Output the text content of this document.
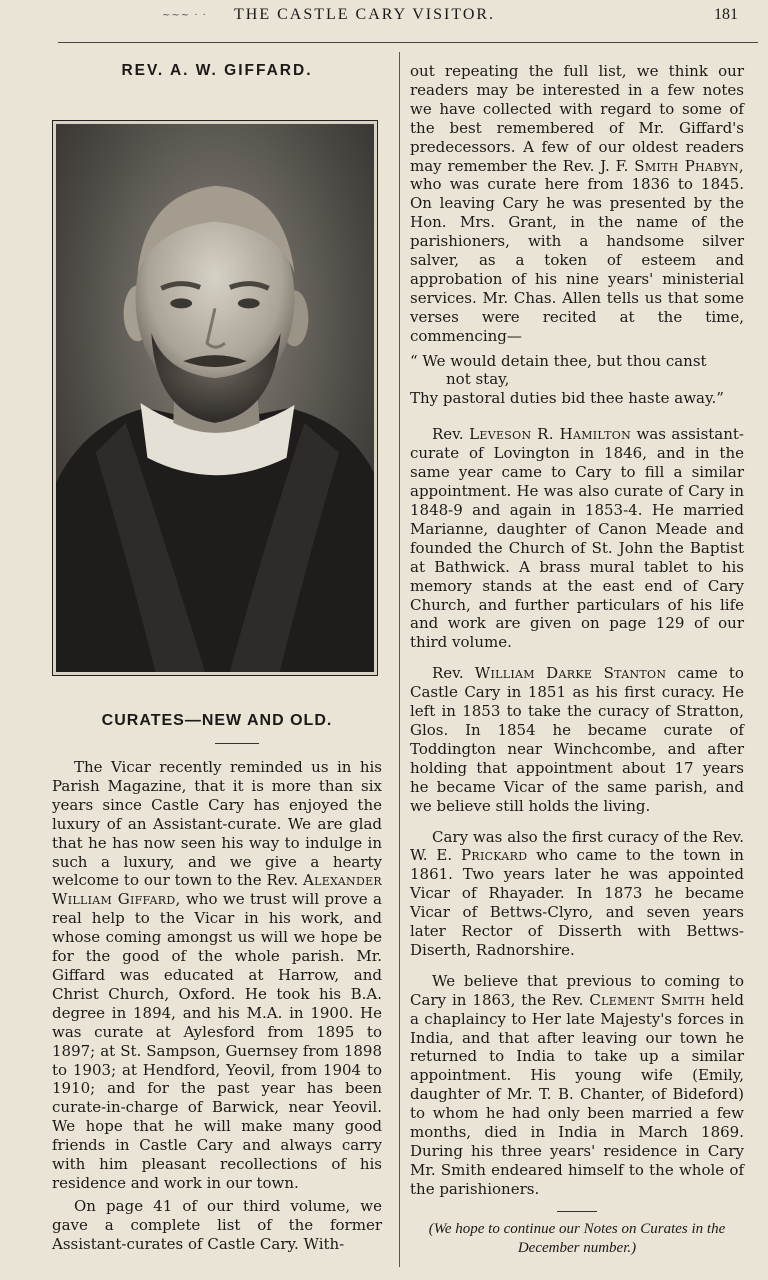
~~~ · · THE CASTLE CARY VISITOR.	181
REV. A. W. GIFFARD.
CURATES—NEW AND OLD.

The Vicar recently reminded us in his Parish Magazine, that it is more than six years since Castle Cary has enjoyed the luxury of an Assistant-curate. We are glad that he has now seen his way to indulge in such a luxury, and we give a hearty welcome to our town to the Rev. Alexander William Giffard, who we trust will prove a real help to the Vicar in his work, and whose coming amongst us will we hope be for the good of the whole parish. Mr. Giffard was educated at Harrow, and Christ Church, Oxford. He took his B.A. degree in 1894, and his M.A. in 1900. He was curate at Aylesford from 1895 to 1897; at St. Sampson, Guernsey from 1898 to 1903; at Hendford, Yeovil, from 1904 to 1910; and for the past year has been curate-in-charge of Barwick, near Yeovil. We hope that he will make many good friends in Castle Cary and always carry with him pleasant recollections of his residence and work in our town.

On page 41 of our third volume, we gave a complete list of the former Assistant-curates of Castle Cary. With-

out repeating the full list, we think our readers may be interested in a few notes we have collected with regard to some of the best remembered of Mr. Giffard's predecessors. A few of our oldest readers may remember the Rev. J. F. Smith Phabyn, who was curate here from 1836 to 1845. On leaving Cary he was presented by the Hon. Mrs. Grant, in the name of the parishioners, with a handsome silver salver, as a token of esteem and approbation of his nine years' ministerial services. Mr. Chas. Allen tells us that some verses were recited at the time, commencing—

“ We would detain thee, but thou canst
not stay,
Thy pastoral duties bid thee haste away.”

Rev. Leveson R. Hamilton was assistant-curate of Lovington in 1846, and in the same year came to Cary to fill a similar appointment. He was also curate of Cary in 1848-9 and again in 1853-4. He married Marianne, daughter of Canon Meade and founded the Church of St. John the Baptist at Bathwick. A brass mural tablet to his memory stands at the east end of Cary Church, and further particulars of his life and work are given on page 129 of our third volume.

Rev. William Darke Stanton came to Castle Cary in 1851 as his first curacy. He left in 1853 to take the curacy of Stratton, Glos. In 1854 he became curate of Toddington near Winchcombe, and after holding that appointment about 17 years he became Vicar of the same parish, and we believe still holds the living.

Cary was also the first curacy of the Rev. W. E. Prickard who came to the town in 1861. Two years later he was appointed Vicar of Rhayader. In 1873 he became Vicar of Bettws-Clyro, and seven years later Rector of Disserth with Bettws-Diserth, Radnorshire.

We believe that previous to coming to Cary in 1863, the Rev. Clement Smith held a chaplaincy to Her late Majesty's forces in India, and that after leaving our town he returned to India to take up a similar appointment. His young wife (Emily, daughter of Mr. T. B. Chanter, of Bideford) to whom he had only been married a few months, died in India in March 1869. During his three years' residence in Cary Mr. Smith endeared himself to the whole of the parishioners.

(We hope to continue our Notes on Curates in the December number.)
